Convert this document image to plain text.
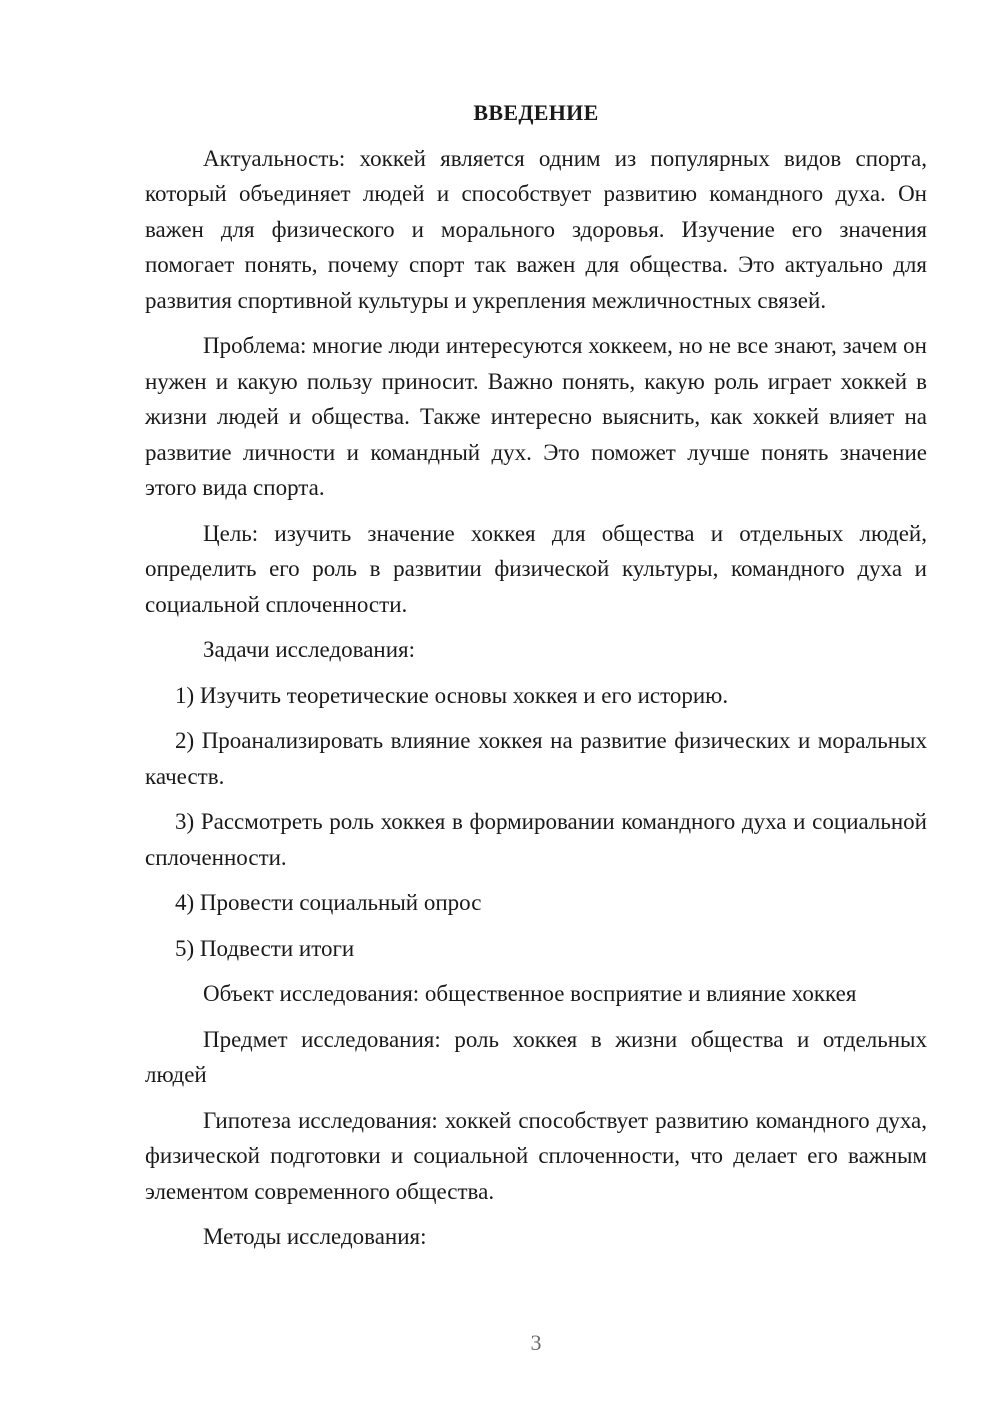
ВВЕДЕНИЕ

Актуальность: хоккей является одним из популярных видов спорта, который объединяет людей и способствует развитию командного духа. Он важен для физического и морального здоровья. Изучение его значения помогает понять, почему спорт так важен для общества. Это актуально для развития спортивной культуры и укрепления межличностных связей.

Проблема: многие люди интересуются хоккеем, но не все знают, зачем он нужен и какую пользу приносит. Важно понять, какую роль играет хоккей в жизни людей и общества. Также интересно выяснить, как хоккей влияет на развитие личности и командный дух. Это поможет лучше понять значение этого вида спорта.

Цель: изучить значение хоккея для общества и отдельных людей, определить его роль в развитии физической культуры, командного духа и социальной сплоченности.

Задачи исследования:

1) Изучить теоретические основы хоккея и его историю.

2) Проанализировать влияние хоккея на развитие физических и моральных качеств.

3) Рассмотреть роль хоккея в формировании командного духа и социальной сплоченности.

4) Провести социальный опрос

5) Подвести итоги

Объект исследования: общественное восприятие и влияние хоккея

Предмет исследования: роль хоккея в жизни общества и отдельных людей

Гипотеза исследования: хоккей способствует развитию командного духа, физической подготовки и социальной сплоченности, что делает его важным элементом современного общества.

Методы исследования:

3
